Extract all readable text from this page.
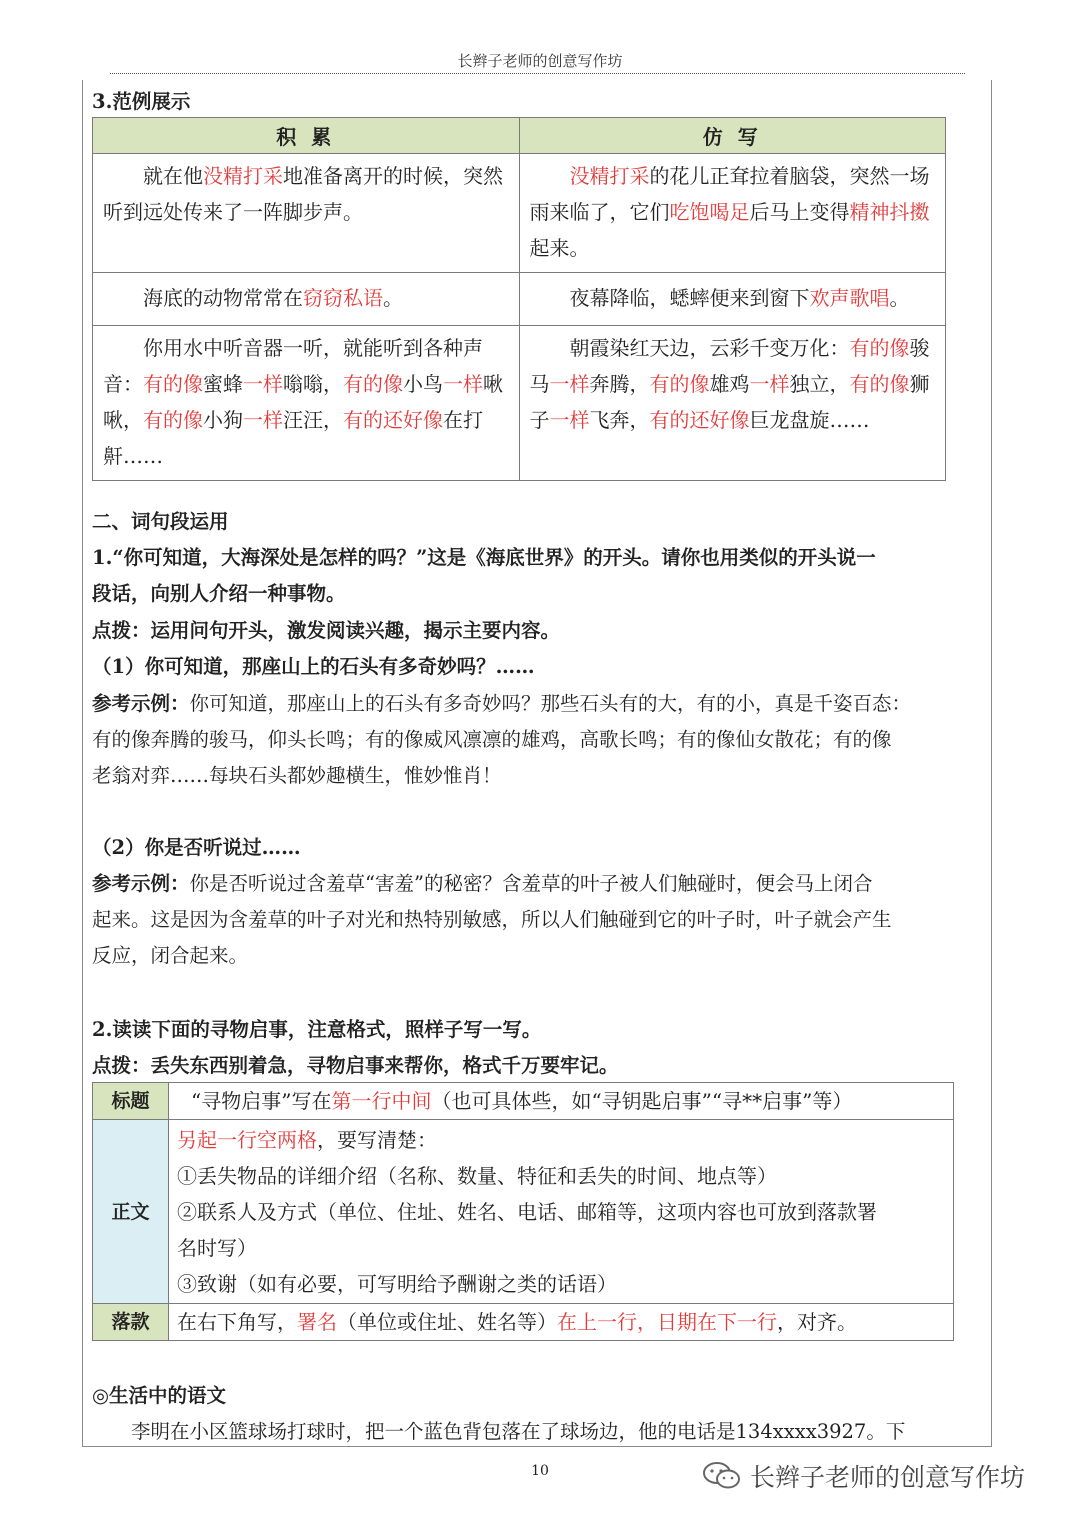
长辫子老师的创意写作坊
3.范例展示
积 累	仿 写
就在他没精打采地准备离开的时候，突然听到远处传来了一阵脚步声。	没精打采的花儿正耷拉着脑袋，突然一场雨来临了，它们吃饱喝足后马上变得精神抖擞起来。
海底的动物常常在窃窃私语。	夜幕降临，蟋蟀便来到窗下欢声歌唱。
你用水中听音器一听，就能听到各种声音：有的像蜜蜂一样嗡嗡，有的像小鸟一样啾啾，有的像小狗一样汪汪，有的还好像在打鼾……	朝霞染红天边，云彩千变万化：有的像骏马一样奔腾，有的像雄鸡一样独立，有的像狮子一样飞奔，有的还好像巨龙盘旋……
二、词句段运用
1.“你可知道，大海深处是怎样的吗？”这是《海底世界》的开头。请你也用类似的开头说一
段话，向别人介绍一种事物。
点拨：运用问句开头，激发阅读兴趣，揭示主要内容。
（1）你可知道，那座山上的石头有多奇妙吗？……
参考示例：你可知道，那座山上的石头有多奇妙吗？那些石头有的大，有的小，真是千姿百态：
有的像奔腾的骏马，仰头长鸣；有的像威风凛凛的雄鸡，高歌长鸣；有的像仙女散花；有的像
老翁对弈……每块石头都妙趣横生，惟妙惟肖！
（2）你是否听说过……
参考示例：你是否听说过含羞草“害羞”的秘密？含羞草的叶子被人们触碰时，便会马上闭合
起来。这是因为含羞草的叶子对光和热特别敏感，所以人们触碰到它的叶子时，叶子就会产生
反应，闭合起来。
2.读读下面的寻物启事，注意格式，照样子写一写。
点拨：丢失东西别着急，寻物启事来帮你，格式千万要牢记。
标题	“寻物启事”写在第一行中间（也可具体些，如“寻钥匙启事”“寻**启事”等）
正文	另起一行空两格，要写清楚：
①丢失物品的详细介绍（名称、数量、特征和丢失的时间、地点等）
②联系人及方式（单位、住址、姓名、电话、邮箱等，这项内容也可放到落款署
名时写）
③致谢（如有必要，可写明给予酬谢之类的话语）

落款	在右下角写，署名（单位或住址、姓名等）在上一行，日期在下一行，对齐。
◎生活中的语文
李明在小区篮球场打球时，把一个蓝色背包落在了球场边，他的电话是134xxxx3927。下
10	长辫子老师的创意写作坊
